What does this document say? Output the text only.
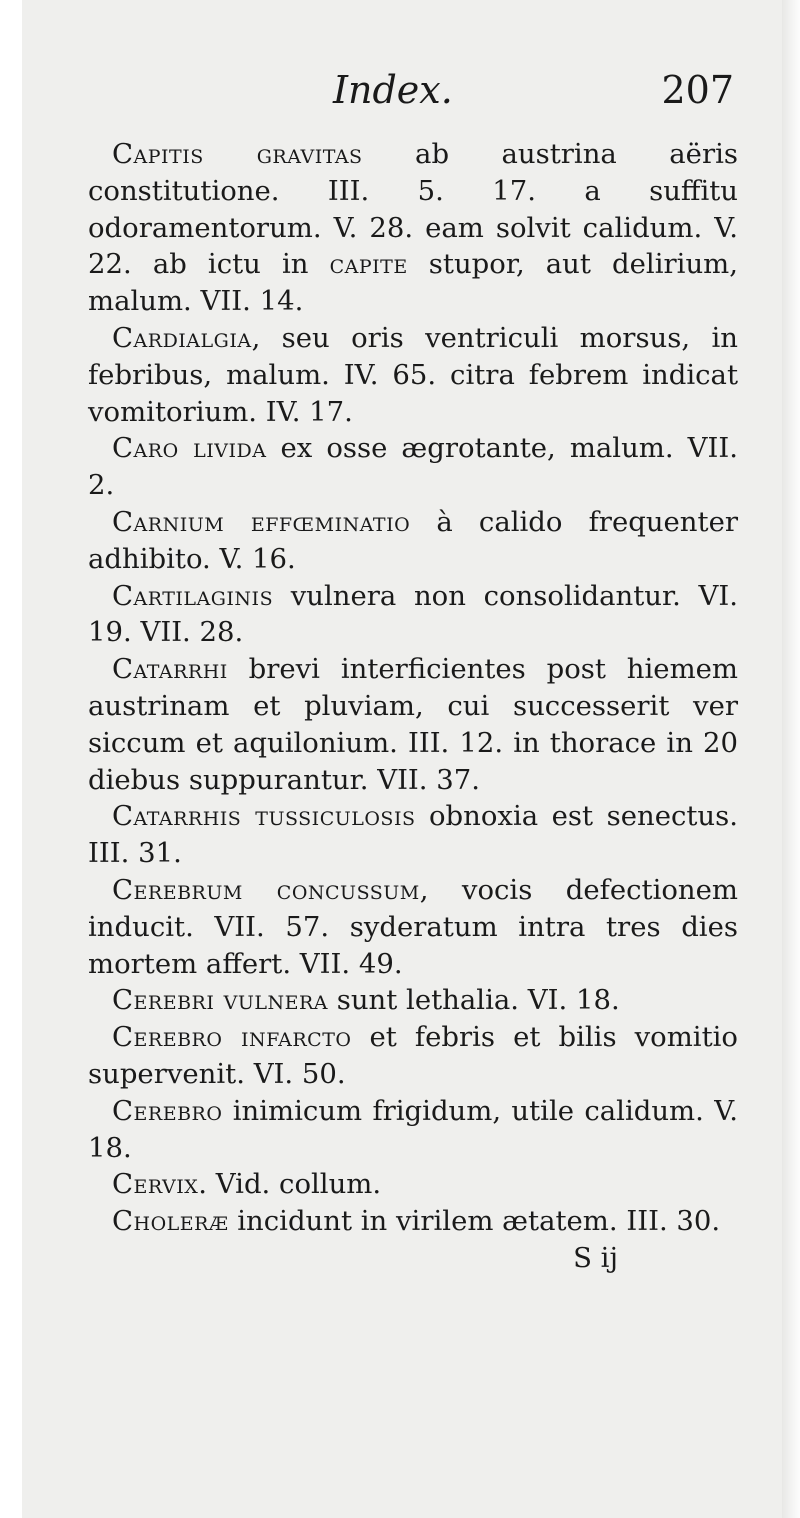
Index.	207

Capitis gravitas ab austrina aëris constitutione. III. 5. 17. a suffitu odoramentorum. V. 28. eam solvit calidum. V. 22. ab ictu in capite stupor, aut delirium, malum. VII. 14.

Cardialgia, seu oris ventriculi morsus, in febribus, malum. IV. 65. citra febrem indicat vomitorium. IV. 17.

Caro livida ex osse ægrotante, malum. VII. 2.

Carnium effœminatio à calido frequenter adhibito. V. 16.

Cartilaginis vulnera non consolidantur. VI. 19. VII. 28.

Catarrhi brevi interficientes post hiemem austrinam et pluviam, cui successerit ver siccum et aquilonium. III. 12. in thorace in 20 diebus suppurantur. VII. 37.

Catarrhis tussiculosis obnoxia est senectus. III. 31.

Cerebrum concussum, vocis defectionem inducit. VII. 57. syderatum intra tres dies mortem affert. VII. 49.

Cerebri vulnera sunt lethalia. VI. 18.

Cerebro infarcto et febris et bilis vomitio supervenit. VI. 50.

Cerebro inimicum frigidum, utile calidum. V. 18.

Cervix. Vid. collum.

Choleræ incidunt in virilem ætatem. III. 30.

S ij
